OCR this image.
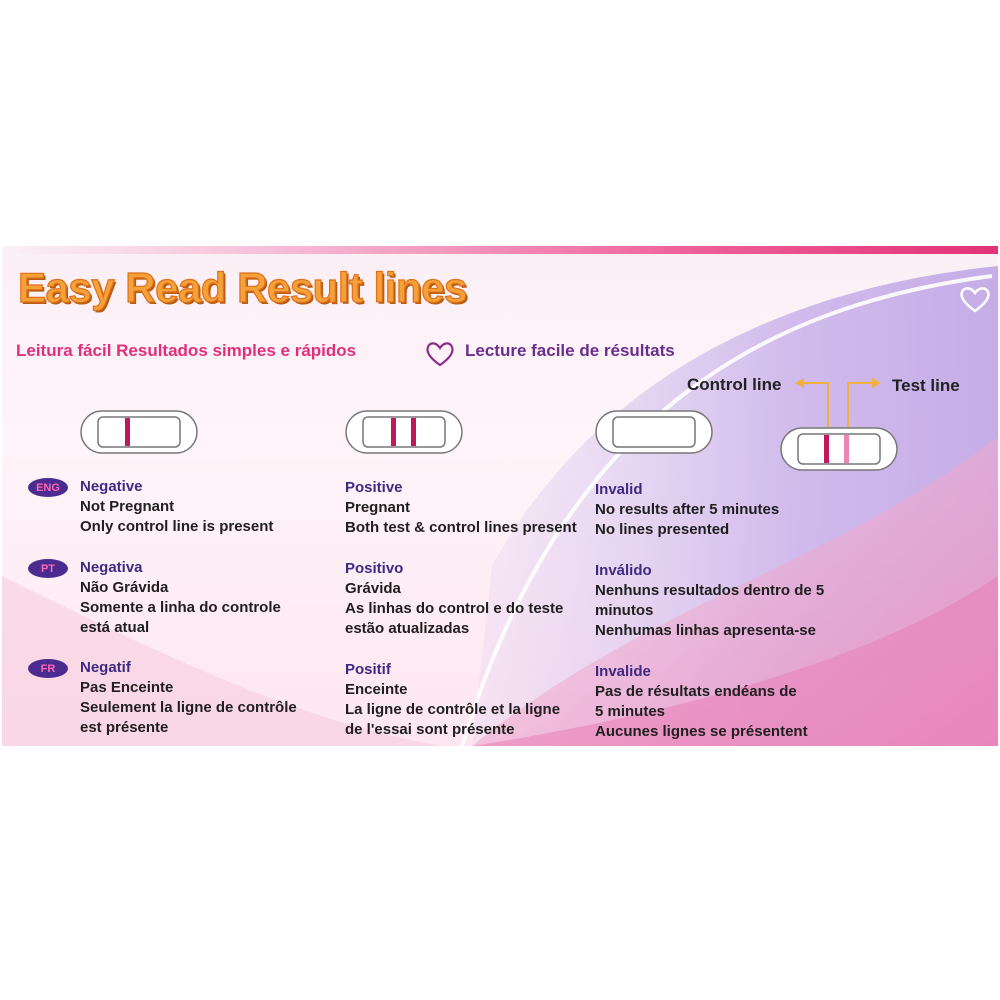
Easy Read Result lines
Leitura fácil Resultados simples e rápidos	Lecture facile de résultats
Control line	Test line
ENG	Negative
Not Pregnant
Only control line is present
Positive
Pregnant
Both test & control lines present
Invalid
No results after 5 minutes
No lines presented
PT	Negativa
Não Grávida
Somente a linha do controle
está atual
Positivo
Grávida
As linhas do control e do teste
estão atualizadas
Inválido
Nenhuns resultados dentro de 5
minutos
Nenhumas linhas apresenta-se
FR	Negatif
Pas Enceinte
Seulement la ligne de contrôle
est présente
Positif
Enceinte
La ligne de contrôle et la ligne
de l'essai sont présente
Invalide
Pas de résultats endéans de
5 minutes
Aucunes lignes se présentent
